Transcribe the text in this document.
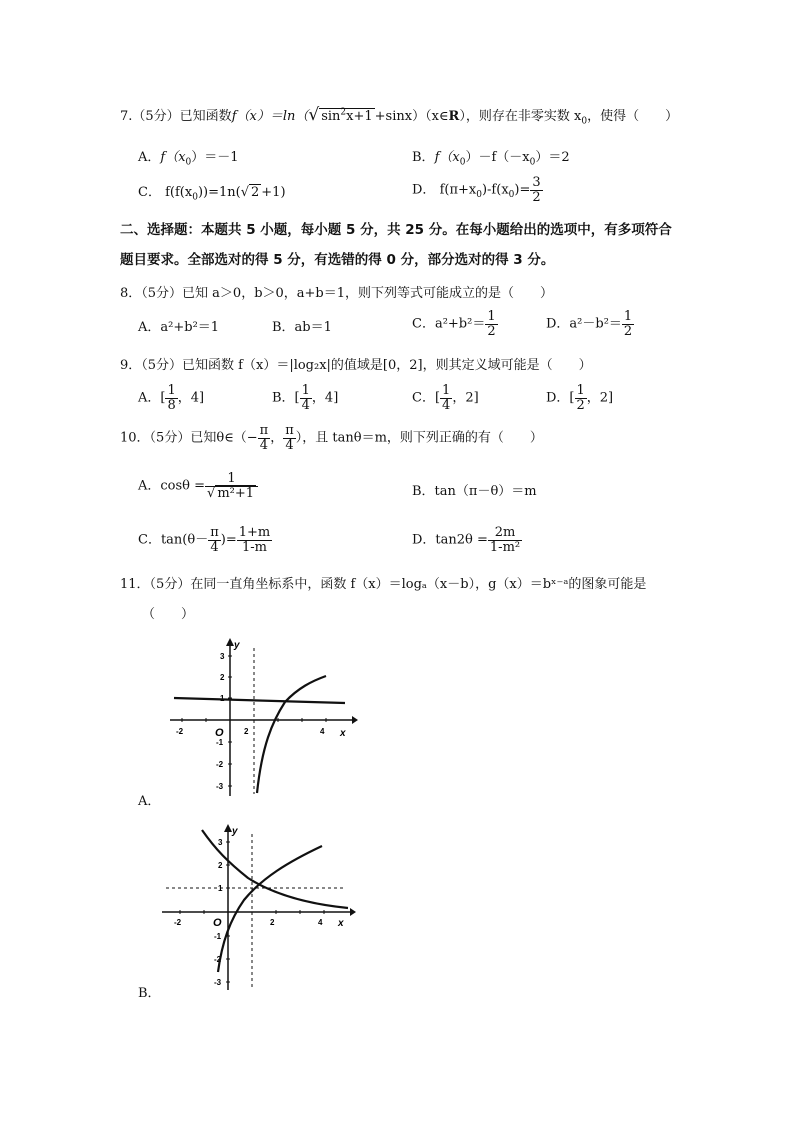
7.（5分）已知函数f（x）＝ln（√ $\sin^2x+1$ +sinx）（x∈R），则存在非零实数 $x_0$，使得（　　）
A．$f(x_0)=-1$	B．$f(x_0)-f(-x_0)=2$
C． $f(f(x_0))=1n(√$ 2 +1)	D． $f(\pi+x_0)-f(x_0)= \frac{3}{2}$
二、选择题：本题共 5 小题，每小题 5 分，共 25 分。在每小题给出的选项中，有多项符合
题目要求。全部选对的得 5 分，有选错的得 0 分，部分选对的得 3 分。
8．（5分）已知 a＞0，b＞0，a+b＝1，则下列等式可能成立的是（　　）
A．a²+b²＝1	B．ab＝1	C．$a^2+b^2= \frac{1}{2}$	D．$a^2-b^2= \frac{1}{2}$
9．（5分）已知函数 f（x）＝|log₂x|的值域是[0，2]，则其定义域可能是（　　）
A．[ $\frac{1}{8}$ ，4]	B．[ $\frac{1}{4}$ ，4]	C．[ $\frac{1}{4}$ ，2]	D．[ $\frac{1}{2}$ ，2]
10．（5分）已知θ∈（− $\frac{\pi}{4}$ ， $\frac{\pi}{4}$ ），且 tanθ＝m，则下列正确的有（　　）
A．$\cos\theta = \frac{1}{\text{√ m²+1}}$	B．tan（π－θ）＝m
C．$\tan(\theta- \frac{\pi}{4}$ )= $\frac{1+m}{1-m}$	D．$\tan 2\theta = \frac{2m}{\text{1-m²}}$
11．（5分）在同一直角坐标系中，函数 f（x）＝logₐ（x－b），g（x）＝bˣ⁻ᵃ的图象可能是
（　　）
y
x
O
-2	2	4
3
2
1
-1
-2
-3
A．
y
x
O
-2	2	4
3
2
1
-1
-2
-3
B．
